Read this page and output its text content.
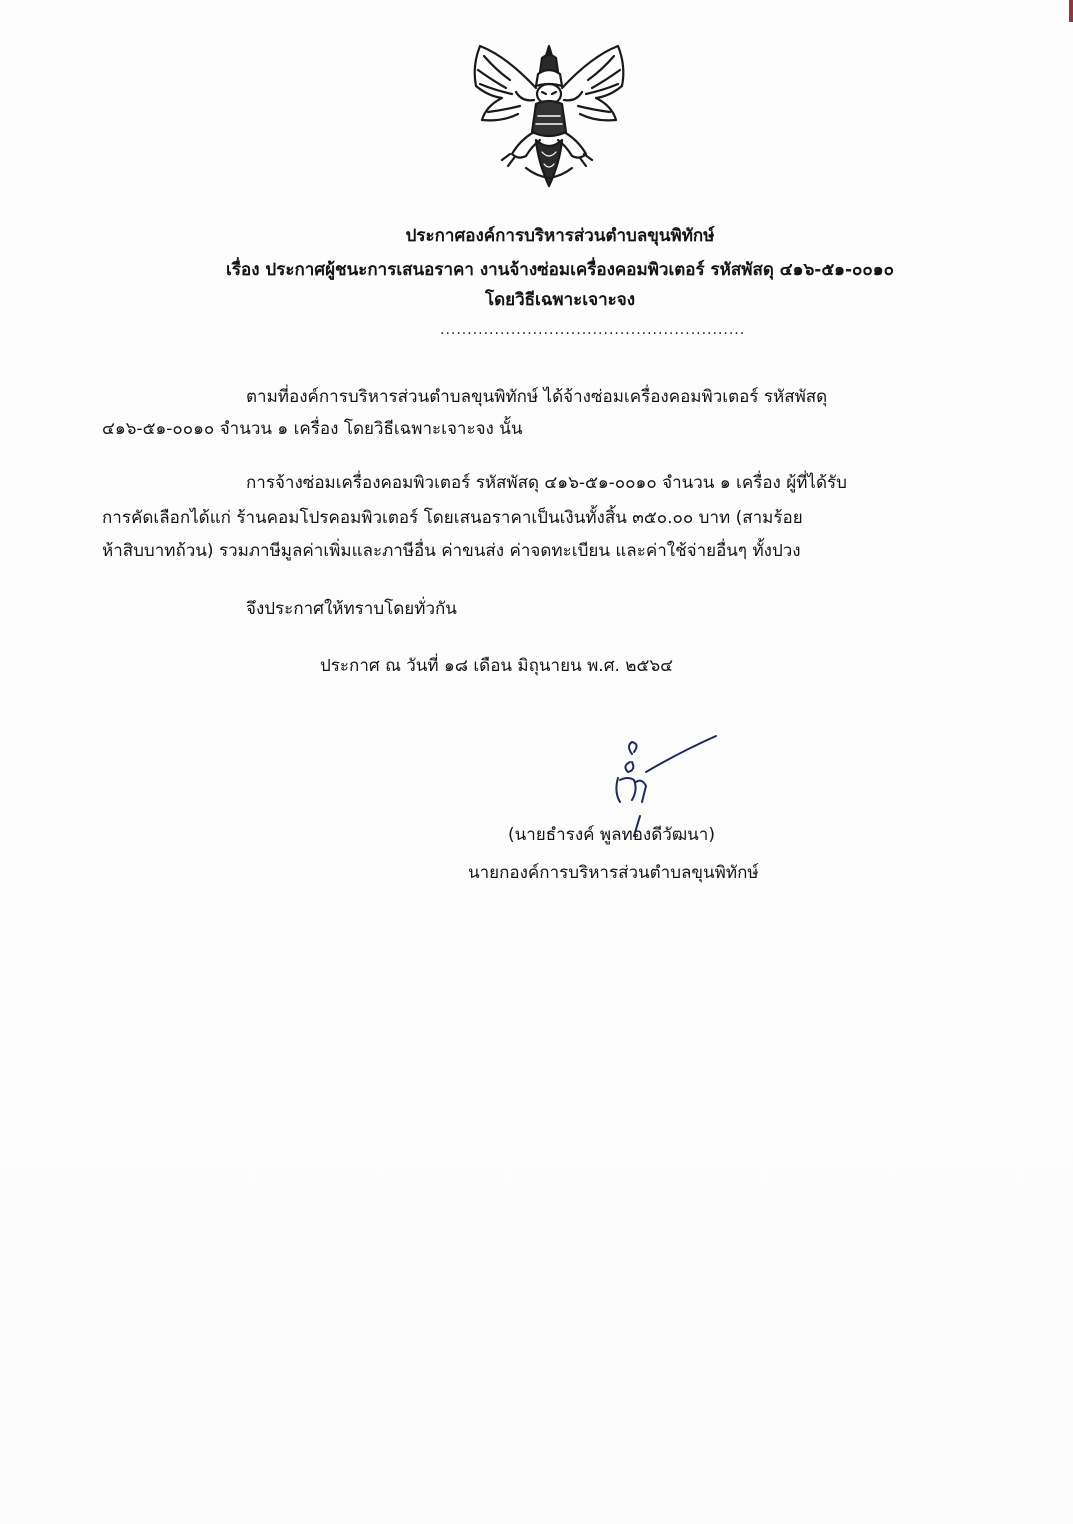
ประกาศองค์การบริหารส่วนตำบลขุนพิทักษ์
เรื่อง ประกาศผู้ชนะการเสนอราคา งานจ้างซ่อมเครื่องคอมพิวเตอร์ รหัสพัสดุ ๔๑๖-๕๑-๐๐๑๐
โดยวิธีเฉพาะเจาะจง
........................................................
ตามที่องค์การบริหารส่วนตำบลขุนพิทักษ์ ได้จ้างซ่อมเครื่องคอมพิวเตอร์ รหัสพัสดุ
๔๑๖-๕๑-๐๐๑๐ จำนวน ๑ เครื่อง โดยวิธีเฉพาะเจาะจง นั้น
การจ้างซ่อมเครื่องคอมพิวเตอร์ รหัสพัสดุ ๔๑๖-๕๑-๐๐๑๐ จำนวน ๑ เครื่อง ผู้ที่ได้รับ
การคัดเลือกได้แก่ ร้านคอมโปรคอมพิวเตอร์ โดยเสนอราคาเป็นเงินทั้งสิ้น ๓๕๐.๐๐ บาท (สามร้อย
ห้าสิบบาทถ้วน) รวมภาษีมูลค่าเพิ่มและภาษีอื่น ค่าขนส่ง ค่าจดทะเบียน และค่าใช้จ่ายอื่นๆ ทั้งปวง
จึงประกาศให้ทราบโดยทั่วกัน
ประกาศ ณ วันที่ ๑๘ เดือน มิถุนายน พ.ศ. ๒๕๖๔
(นายธำรงค์ พูลทองดีวัฒนา)
นายกองค์การบริหารส่วนตำบลขุนพิทักษ์
